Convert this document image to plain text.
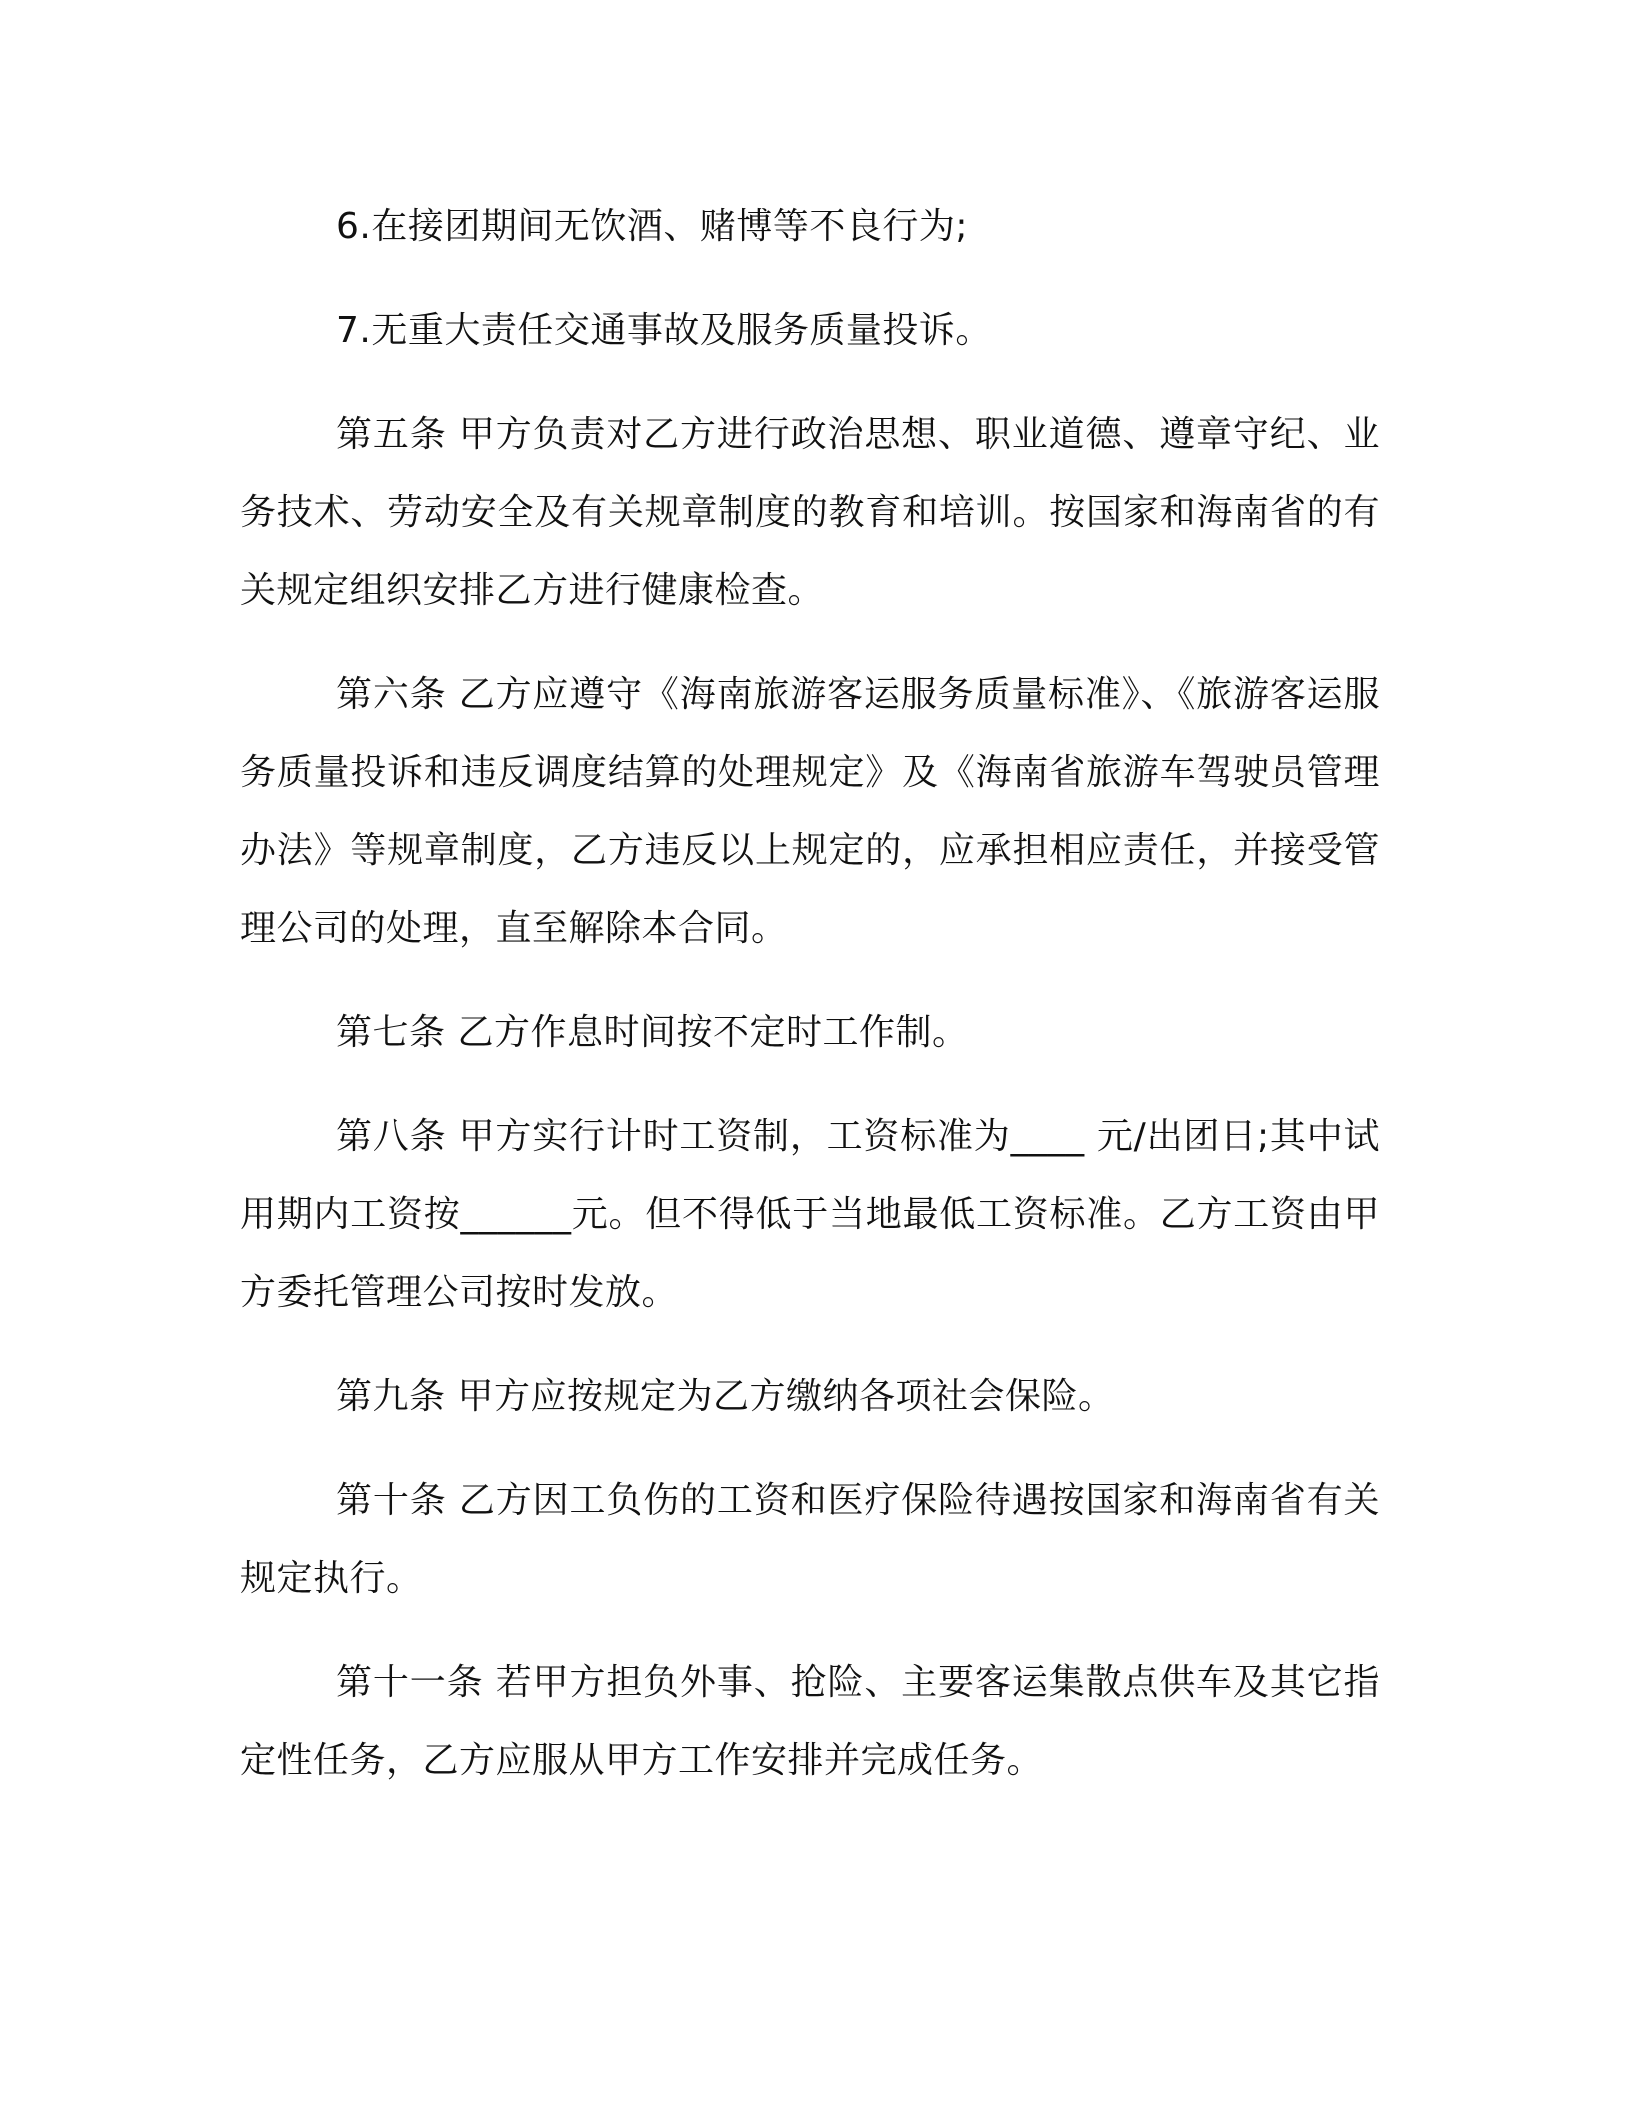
6.在接团期间无饮酒、赌博等不良行为;

7.无重大责任交通事故及服务质量投诉。

第五条 甲方负责对乙方进行政治思想、职业道德、遵章守纪、业务技术、劳动安全及有关规章制度的教育和培训。按国家和海南省的有关规定组织安排乙方进行健康检查。

第六条 乙方应遵守《海南旅游客运服务质量标准》、《旅游客运服务质量投诉和违反调度结算的处理规定》及《海南省旅游车驾驶员管理办法》等规章制度，乙方违反以上规定的，应承担相应责任，并接受管理公司的处理，直至解除本合同。

第七条 乙方作息时间按不定时工作制。

第八条 甲方实行计时工资制，工资标准为____ 元/出团日;其中试用期内工资按______元。但不得低于当地最低工资标准。乙方工资由甲方委托管理公司按时发放。

第九条 甲方应按规定为乙方缴纳各项社会保险。

第十条 乙方因工负伤的工资和医疗保险待遇按国家和海南省有关规定执行。

第十一条 若甲方担负外事、抢险、主要客运集散点供车及其它指定性任务，乙方应服从甲方工作安排并完成任务。
